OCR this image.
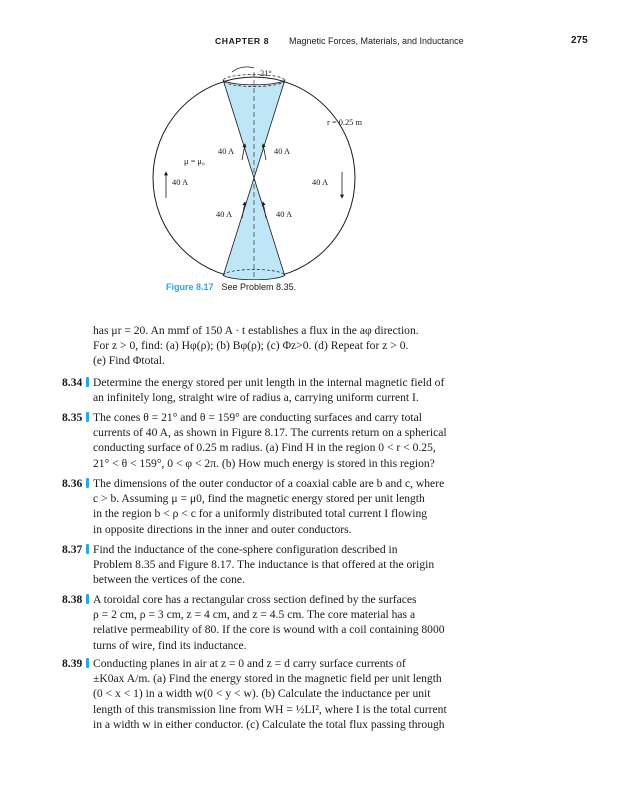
CHAPTER 8 Magnetic Forces, Materials, and Inductance	275
21°
r = 0.25 m
μ = μ₀
40 A	40 A
40 A	40 A
40 A	40 A
Figure 8.17 See Problem 8.35.
has μr = 20. An mmf of 150 A · t establishes a flux in the aφ direction.
For z > 0, find: (a) Hφ(ρ); (b) Bφ(ρ); (c) Φz>0. (d) Repeat for z > 0.
(e) Find Φtotal.
8.34 Determine the energy stored per unit length in the internal magnetic field of
an infinitely long, straight wire of radius a, carrying uniform current I.
8.35 The cones θ = 21° and θ = 159° are conducting surfaces and carry total
currents of 40 A, as shown in Figure 8.17. The currents return on a spherical
conducting surface of 0.25 m radius. (a) Find H in the region 0 < r < 0.25,
21° < θ < 159°, 0 < φ < 2π. (b) How much energy is stored in this region?
8.36 The dimensions of the outer conductor of a coaxial cable are b and c, where
c > b. Assuming μ = μ0, find the magnetic energy stored per unit length
in the region b < ρ < c for a uniformly distributed total current I flowing
in opposite directions in the inner and outer conductors.
8.37 Find the inductance of the cone-sphere configuration described in
Problem 8.35 and Figure 8.17. The inductance is that offered at the origin
between the vertices of the cone.
8.38 A toroidal core has a rectangular cross section defined by the surfaces
ρ = 2 cm, ρ = 3 cm, z = 4 cm, and z = 4.5 cm. The core material has a
relative permeability of 80. If the core is wound with a coil containing 8000
turns of wire, find its inductance.
8.39 Conducting planes in air at z = 0 and z = d carry surface currents of
±K0ax A/m. (a) Find the energy stored in the magnetic field per unit length
(0 < x < 1) in a width w(0 < y < w). (b) Calculate the inductance per unit
length of this transmission line from WH = ½LI², where I is the total current
in a width w in either conductor. (c) Calculate the total flux passing through
